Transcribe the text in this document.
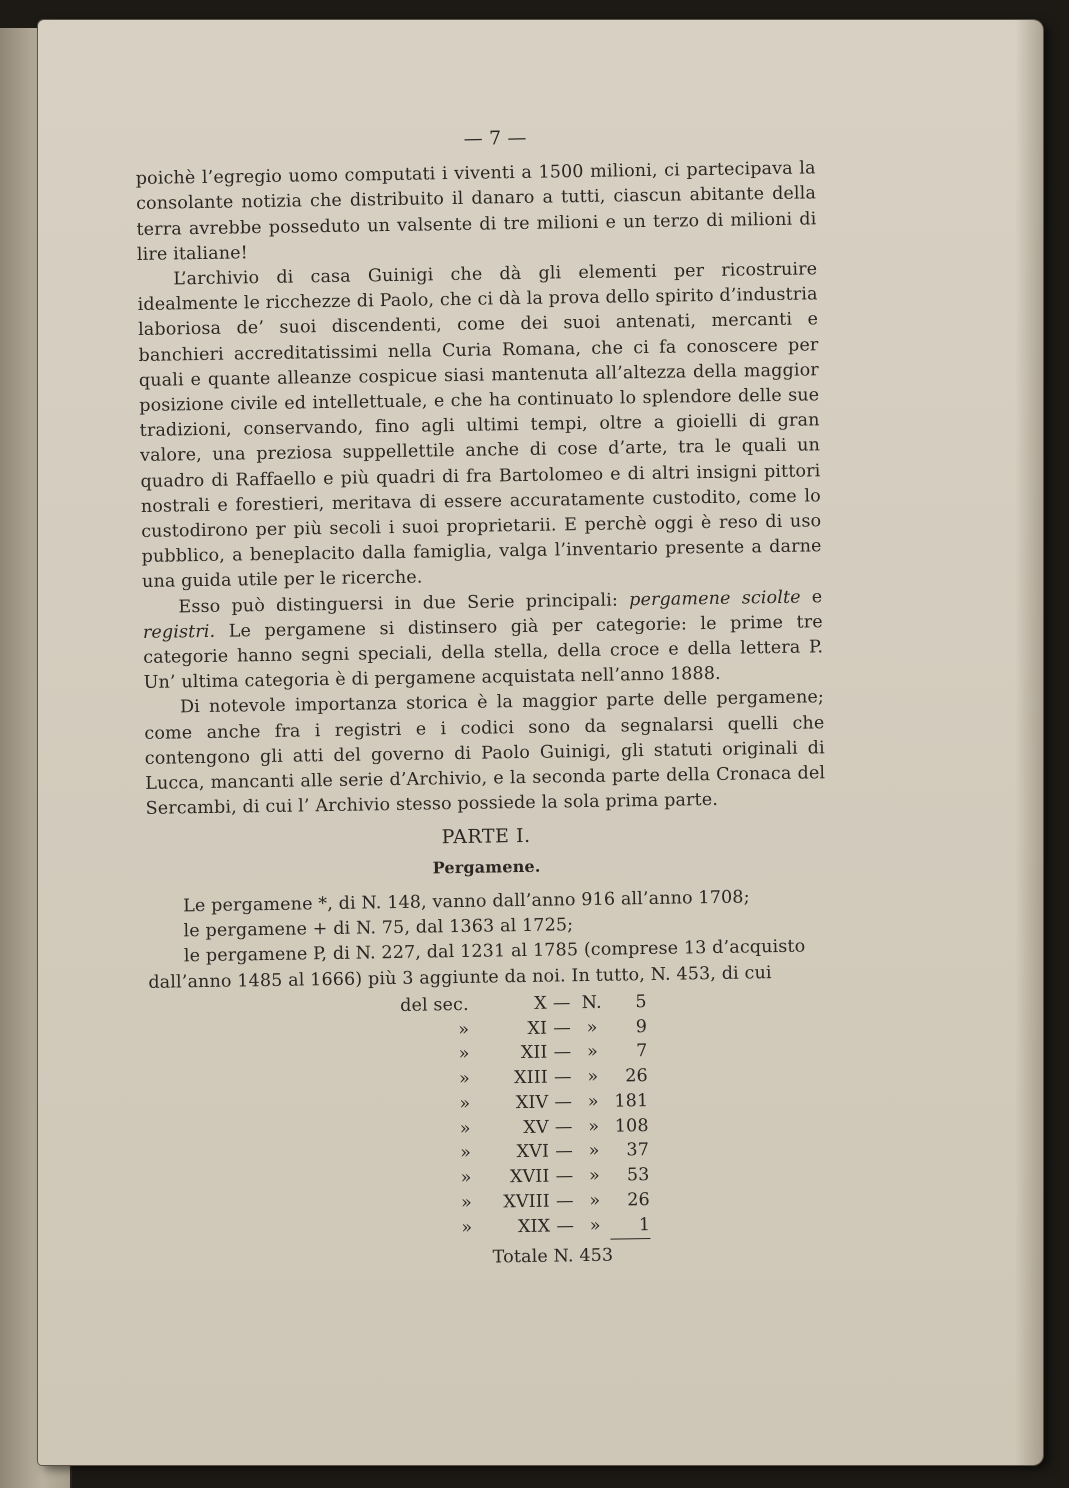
— 7 —

poichè l’egregio uomo computati i viventi a 1500 milioni, ci partecipava la consolante notizia che distribuito il danaro a tutti, ciascun abitante della terra avrebbe posseduto un valsente di tre milioni e un terzo di milioni di lire italiane!

L’archivio di casa Guinigi che dà gli elementi per ricostruire idealmente le ricchezze di Paolo, che ci dà la prova dello spirito d’industria laboriosa de’ suoi discendenti, come dei suoi antenati, mercanti e banchieri accreditatissimi nella Curia Romana, che ci fa conoscere per quali e quante alleanze cospicue siasi mantenuta all’altezza della maggior posizione civile ed intellettuale, e che ha continuato lo splendore delle sue tradizioni, conservando, fino agli ultimi tempi, oltre a gioielli di gran valore, una preziosa suppellettile anche di cose d’arte, tra le quali un quadro di Raffaello e più quadri di fra Bartolomeo e di altri insigni pittori nostrali e forestieri, meritava di essere accuratamente custodito, come lo custodirono per più secoli i suoi proprietarii. E perchè oggi è reso di uso pubblico, a beneplacito dalla famiglia, valga l’inventario presente a darne una guida utile per le ricerche.

Esso può distinguersi in due Serie principali: pergamene sciolte e registri. Le pergamene si distinsero già per categorie: le prime tre categorie hanno segni speciali, della stella, della croce e della lettera P. Un’ ultima categoria è di pergamene acquistata nell’anno 1888.

Di notevole importanza storica è la maggior parte delle pergamene; come anche fra i registri e i codici sono da segnalarsi quelli che contengono gli atti del governo di Paolo Guinigi, gli statuti originali di Lucca, mancanti alle serie d’Archivio, e la seconda parte della Cronaca del Sercambi, di cui l’ Archivio stesso possiede la sola prima parte.

PARTE I.

Pergamene.

Le pergamene *, di N. 148, vanno dall’anno 916 all’anno 1708;

le pergamene + di N. 75, dal 1363 al 1725;

le pergamene P, di N. 227, dal 1231 al 1785 (comprese 13 d’acquisto

dall’anno 1485 al 1666) più 3 aggiunte da noi. In tutto, N. 453, di cui

del sec.	X	—	N.	5
»	XI	—	»	9
»	XII	—	»	7
»	XIII	—	»	26
»	XIV	—	»	181
»	XV	—	»	108
»	XVI	—	»	37
»	XVII	—	»	53
»	XVIII	—	»	26
»	XIX	—	»	1

Totale N. 453
